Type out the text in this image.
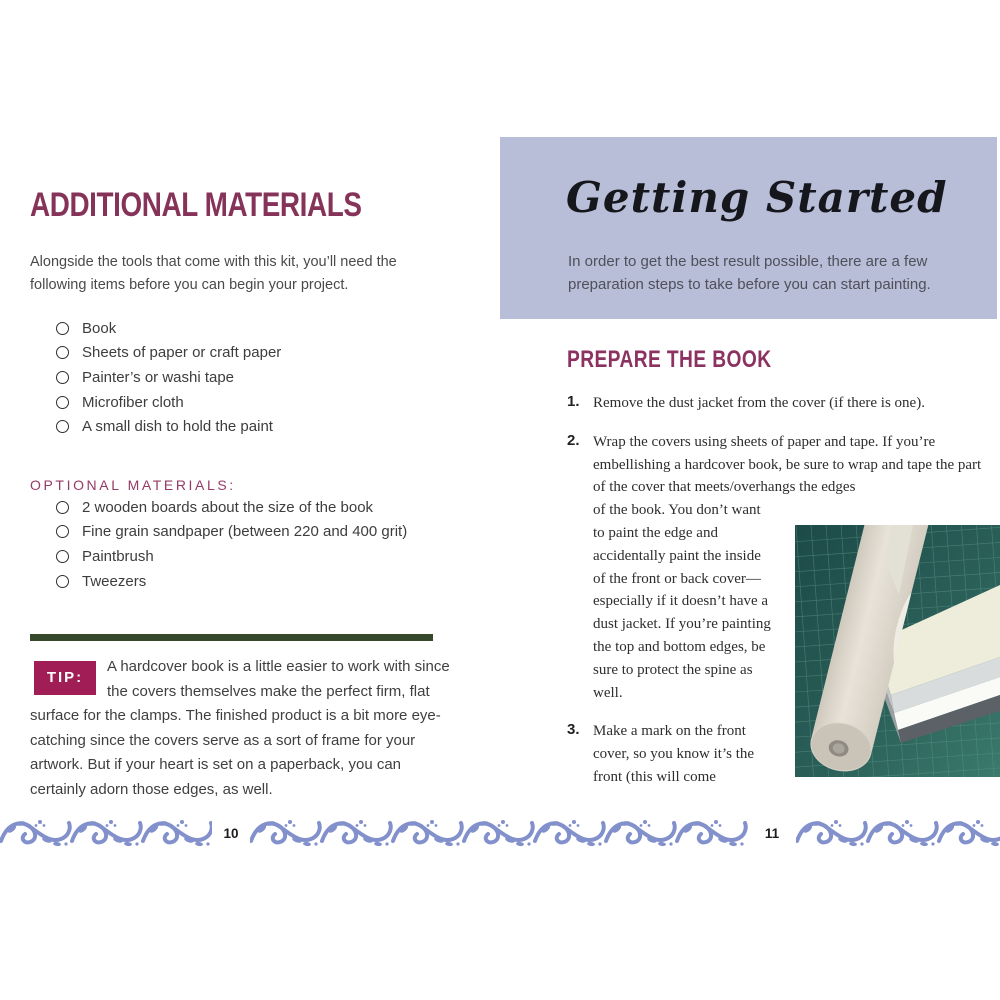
ADDITIONAL MATERIALS

Alongside the tools that come with this kit, you’ll need the following items before you can begin your project.

Book
Sheets of paper or craft paper
Painter’s or washi tape
Microfiber cloth
A small dish to hold the paint
OPTIONAL MATERIALS:
2 wooden boards about the size of the book
Fine grain sandpaper (between 220 and 400 grit)
Paintbrush
Tweezers
TIP:
A hardcover book is a little easier to work with since the covers themselves make the perfect firm, flat surface for the clamps. The finished product is a bit more eye-catching since the covers serve as a sort of frame for your artwork. But if your heart is set on a paperback, you can certainly adorn those edges, as well.
Getting Started

In order to get the best result possible, there are a few preparation steps to take before you can start painting.

PREPARE THE BOOK
1. Remove the dust jacket from the cover (if there is one).
2. Wrap the covers using sheets of paper and tape. If you’re embellishing a hardcover book, be sure to wrap and tape the part of the cover that meets/overhangs the edges
of the book. You don’t want to paint the edge and accidentally paint the inside of the front or back cover—especially if it doesn’t have a dust jacket. If you’re painting the top and bottom edges, be sure to protect the spine as well.
3. Make a mark on the front cover, so you know it’s the front (this will come
10	11
